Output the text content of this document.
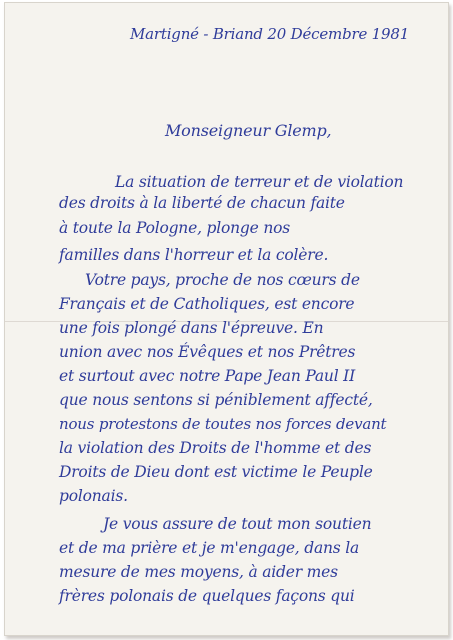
Martigné - Briand 20 Décembre 1981

Monseigneur Glemp,

La situation de terreur et de violation

des droits à la liberté de chacun faite

à toute la Pologne, plonge nos

familles dans l'horreur et la colère.

Votre pays, proche de nos cœurs de

Français et de Catholiques, est encore

une fois plongé dans l'épreuve. En

union avec nos Évêques et nos Prêtres

et surtout avec notre Pape Jean Paul II

que nous sentons si péniblement affecté,

nous protestons de toutes nos forces devant

la violation des Droits de l'homme et des

Droits de Dieu dont est victime le Peuple

polonais.

Je vous assure de tout mon soutien

et de ma prière et je m'engage, dans la

mesure de mes moyens, à aider mes

frères polonais de quelques façons qui
